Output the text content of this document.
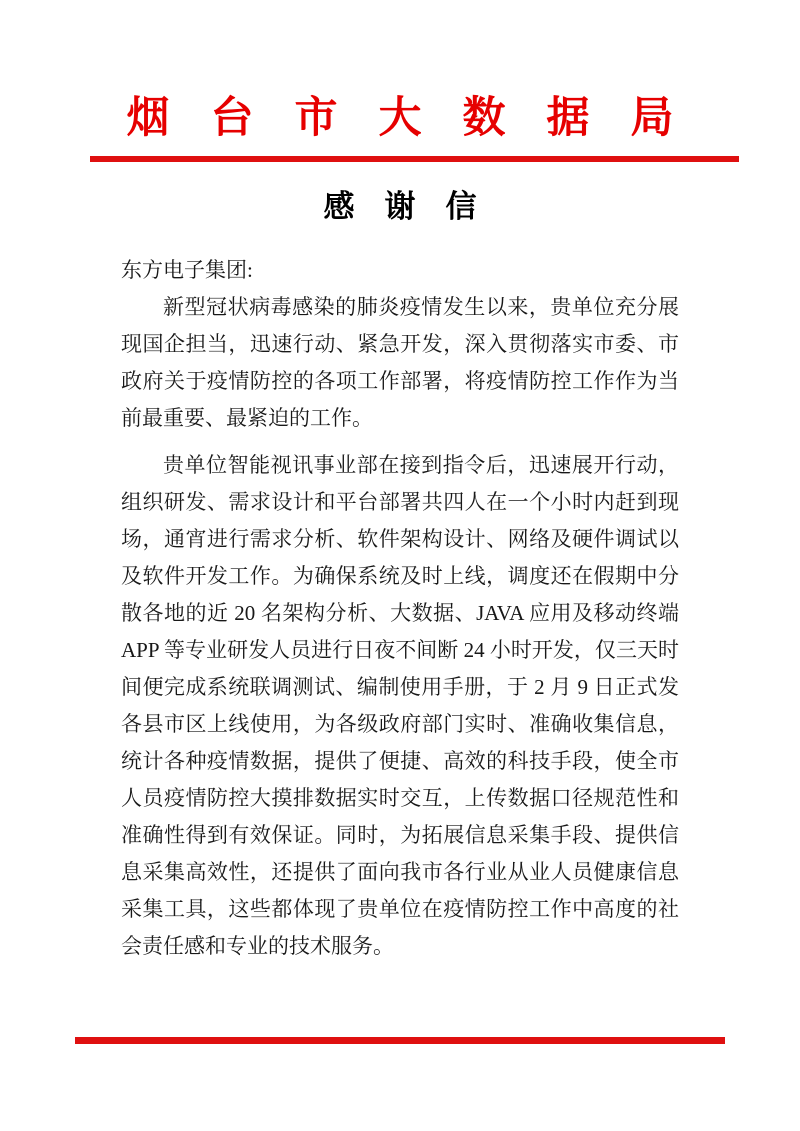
烟台市大数据局
感谢信

东方电子集团:

新型冠状病毒感染的肺炎疫情发生以来，贵单位充分展现国企担当，迅速行动、紧急开发，深入贯彻落实市委、市政府关于疫情防控的各项工作部署，将疫情防控工作作为当前最重要、最紧迫的工作。

贵单位智能视讯事业部在接到指令后，迅速展开行动，组织研发、需求设计和平台部署共四人在一个小时内赶到现场，通宵进行需求分析、软件架构设计、网络及硬件调试以及软件开发工作。为确保系统及时上线，调度还在假期中分散各地的近 20 名架构分析、大数据、JAVA 应用及移动终端 APP 等专业研发人员进行日夜不间断 24 小时开发，仅三天时间便完成系统联调测试、编制使用手册，于 2 月 9 日正式发各县市区上线使用，为各级政府部门实时、准确收集信息，统计各种疫情数据，提供了便捷、高效的科技手段，使全市人员疫情防控大摸排数据实时交互，上传数据口径规范性和准确性得到有效保证。同时，为拓展信息采集手段、提供信息采集高效性，还提供了面向我市各行业从业人员健康信息采集工具，这些都体现了贵单位在疫情防控工作中高度的社会责任感和专业的技术服务。
